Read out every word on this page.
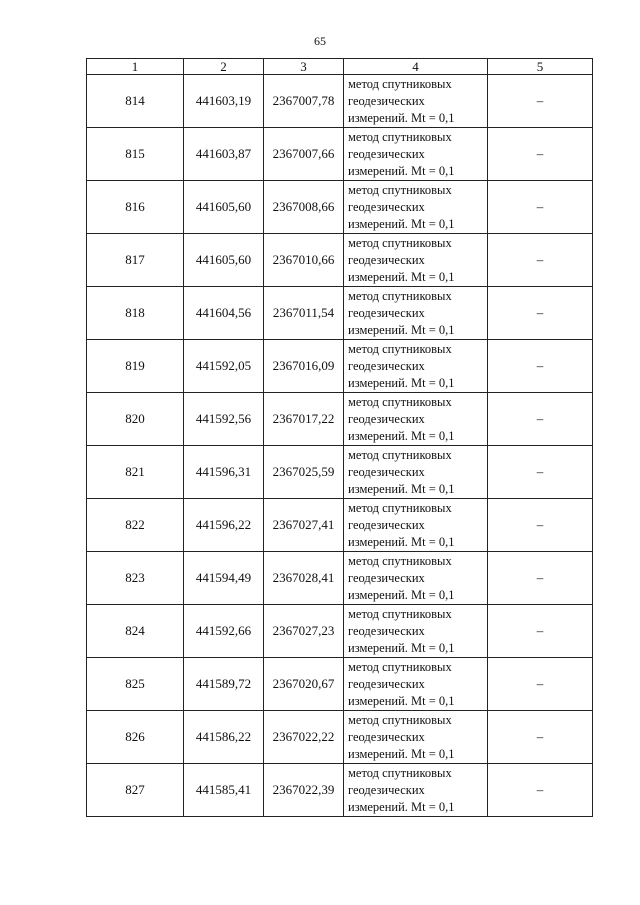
65
1	2	3	4	5
814	441603,19	2367007,78	метод спутниковых
геодезических
измерений. Mt = 0,1	–
815	441603,87	2367007,66	метод спутниковых
геодезических
измерений. Mt = 0,1	–
816	441605,60	2367008,66	метод спутниковых
геодезических
измерений. Mt = 0,1	–
817	441605,60	2367010,66	метод спутниковых
геодезических
измерений. Mt = 0,1	–
818	441604,56	2367011,54	метод спутниковых
геодезических
измерений. Mt = 0,1	–
819	441592,05	2367016,09	метод спутниковых
геодезических
измерений. Mt = 0,1	–
820	441592,56	2367017,22	метод спутниковых
геодезических
измерений. Mt = 0,1	–
821	441596,31	2367025,59	метод спутниковых
геодезических
измерений. Mt = 0,1	–
822	441596,22	2367027,41	метод спутниковых
геодезических
измерений. Mt = 0,1	–
823	441594,49	2367028,41	метод спутниковых
геодезических
измерений. Mt = 0,1	–
824	441592,66	2367027,23	метод спутниковых
геодезических
измерений. Mt = 0,1	–
825	441589,72	2367020,67	метод спутниковых
геодезических
измерений. Mt = 0,1	–
826	441586,22	2367022,22	метод спутниковых
геодезических
измерений. Mt = 0,1	–
827	441585,41	2367022,39	метод спутниковых
геодезических
измерений. Mt = 0,1	–
